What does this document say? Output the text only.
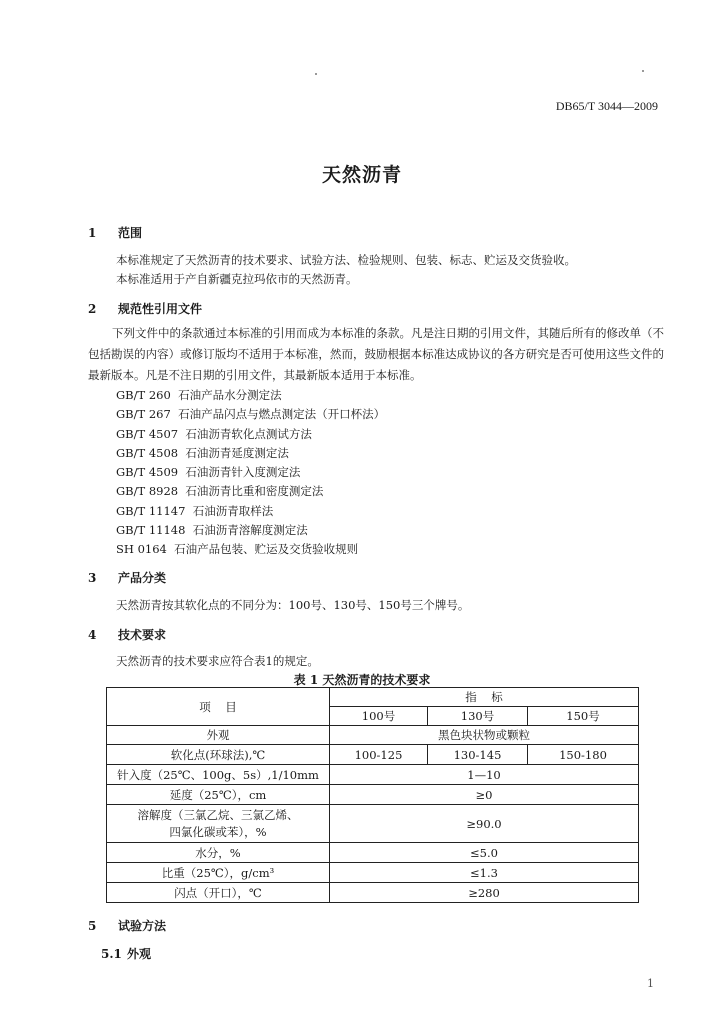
DB65/T 3044—2009
天然沥青
1 范围
本标准规定了天然沥青的技术要求、试验方法、检验规则、包装、标志、贮运及交货验收。
本标准适用于产自新疆克拉玛依市的天然沥青。
2 规范性引用文件
下列文件中的条款通过本标准的引用而成为本标准的条款。凡是注日期的引用文件，其随后所有的修改单（不包括勘误的内容）或修订版均不适用于本标准，然而，鼓励根据本标准达成协议的各方研究是否可使用这些文件的最新版本。凡是不注日期的引用文件，其最新版本适用于本标准。
GB/T 260 石油产品水分测定法
GB/T 267 石油产品闪点与燃点测定法（开口杯法）
GB/T 4507 石油沥青软化点测试方法
GB/T 4508 石油沥青延度测定法
GB/T 4509 石油沥青针入度测定法
GB/T 8928 石油沥青比重和密度测定法
GB/T 11147 石油沥青取样法
GB/T 11148 石油沥青溶解度测定法
SH 0164 石油产品包装、贮运及交货验收规则
3 产品分类
天然沥青按其软化点的不同分为：100号、130号、150号三个牌号。
4 技术要求
天然沥青的技术要求应符合表1的规定。
表 1 天然沥青的技术要求
项    目	指    标		
	100号	130号	150号
外观	黑色块状物或颗粒		
软化点(环球法),℃	100-125	130-145	150-180
针入度（25℃、100g、5s）,1/10mm	1—10		
延度（25℃），cm	≥0		

溶解度（三氯乙烷、三氯乙烯、
四氯化碳或苯），%	≥90.0		
水分，%	≤5.0		
比重（25℃），g/cm³	≤1.3		
闪点（开口），℃	≥280		
5 试验方法
5.1 外观
1
